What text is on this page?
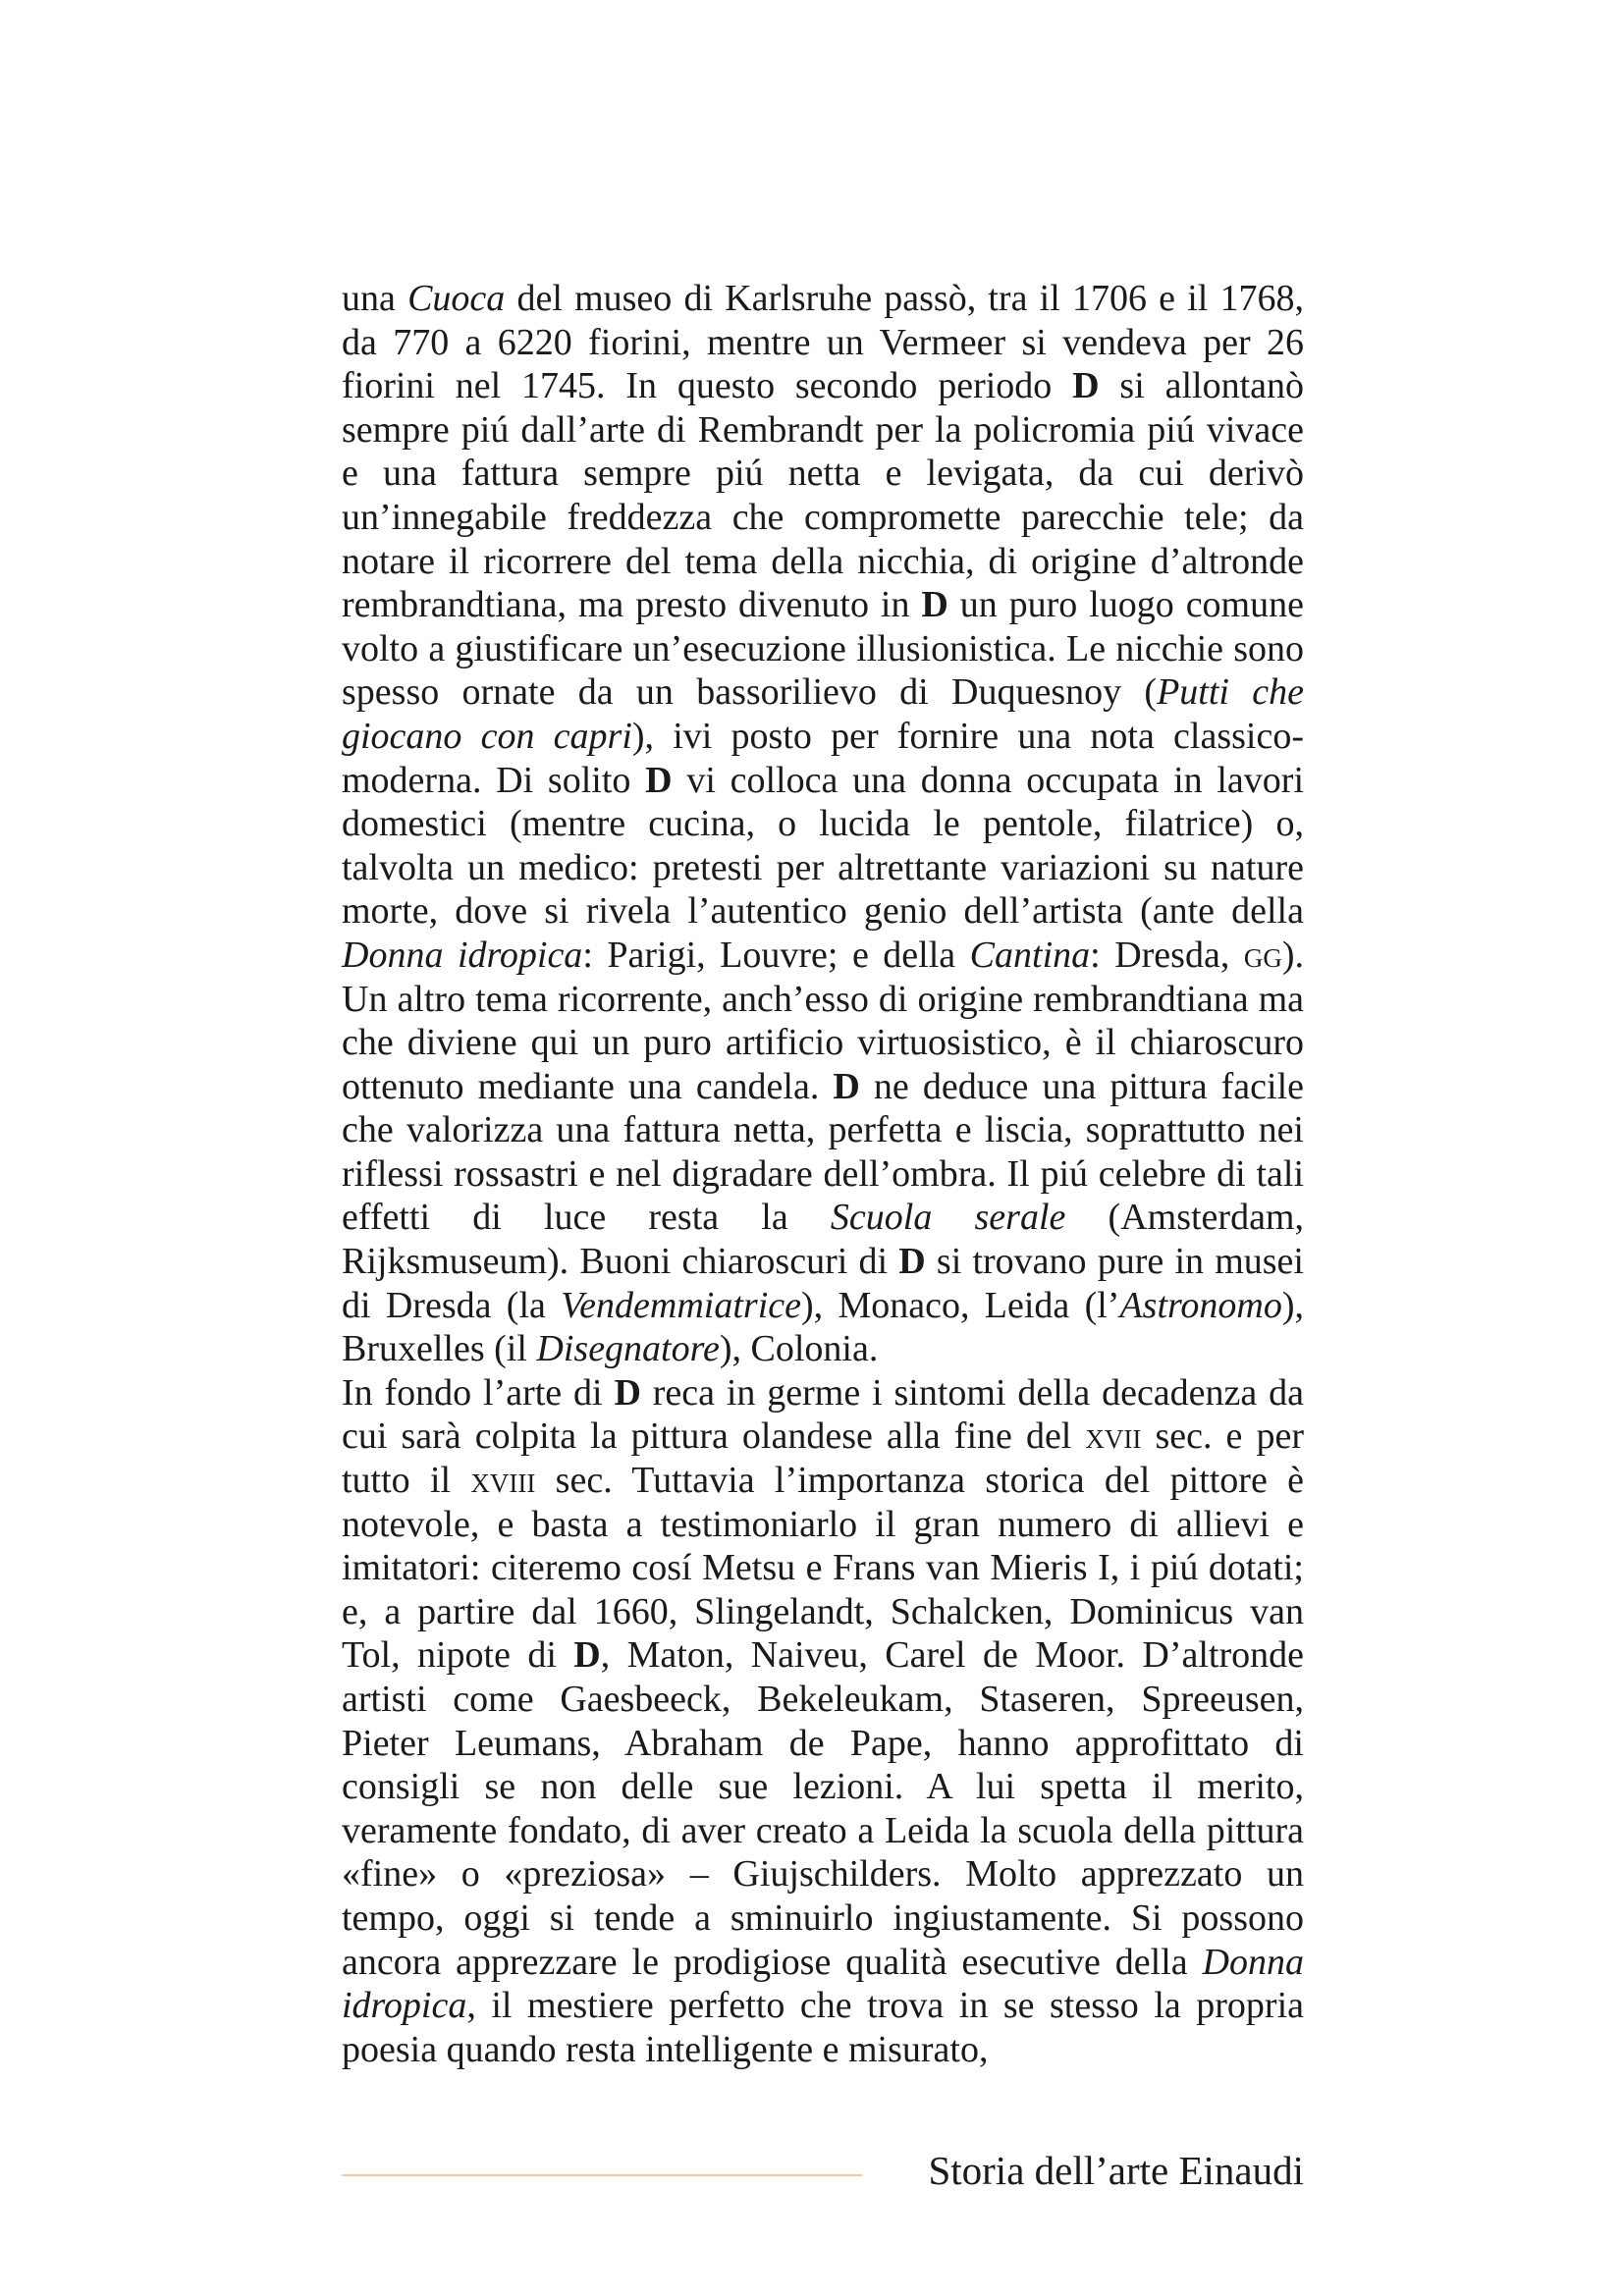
una Cuoca del museo di Karlsruhe passò, tra il 1706 e il 1768, da 770 a 6220 fiorini, mentre un Vermeer si vendeva per 26 fiorini nel 1745. In questo secondo periodo D si allontanò sempre piú dall’arte di Rembrandt per la policromia piú vivace e una fattura sempre piú netta e levigata, da cui derivò un’innegabile freddezza che compromette parecchie tele; da notare il ricorrere del tema della nicchia, di origine d’altronde rembrandtiana, ma presto divenuto in D un puro luogo comune volto a giustificare un’esecuzione illusionistica. Le nicchie sono spesso ornate da un bassorilievo di Duquesnoy (Putti che giocano con capri), ivi posto per fornire una nota classico-moderna. Di solito D vi colloca una donna occupata in lavori domestici (mentre cucina, o lucida le pentole, filatrice) o, talvolta un medico: pretesti per altrettante variazioni su nature morte, dove si rivela l’autentico genio dell’artista (ante della Donna idropica: Parigi, Louvre; e della Cantina: Dresda, gg). Un altro tema ricorrente, anch’esso di origine rembrandtiana ma che diviene qui un puro artificio virtuosistico, è il chiaroscuro ottenuto mediante una candela. D ne deduce una pittura facile che valorizza una fattura netta, perfetta e liscia, soprattutto nei riflessi rossastri e nel digradare dell’ombra. Il piú celebre di tali effetti di luce resta la Scuola serale (Amsterdam, Rijksmuseum). Buoni chiaroscuri di D si trovano pure in musei di Dresda (la Vendemmiatrice), Monaco, Leida (l’Astronomo), Bruxelles (il Disegnatore), Colonia.

In fondo l’arte di D reca in germe i sintomi della decadenza da cui sarà colpita la pittura olandese alla fine del xvii sec. e per tutto il xviii sec. Tuttavia l’importanza storica del pittore è notevole, e basta a testimoniarlo il gran numero di allievi e imitatori: citeremo cosí Metsu e Frans van Mieris I, i piú dotati; e, a partire dal 1660, Slingelandt, Schalcken, Dominicus van Tol, nipote di D, Maton, Naiveu, Carel de Moor. D’altronde artisti come Gaesbeeck, Bekeleukam, Staseren, Spreeusen, Pieter Leumans, Abraham de Pape, hanno approfittato di consigli se non delle sue lezioni. A lui spetta il merito, veramente fondato, di aver creato a Leida la scuola della pittura «fine» o «preziosa» – Giujschilders. Molto apprezzato un tempo, oggi si tende a sminuirlo ingiustamente. Si possono ancora apprezzare le prodigiose qualità esecutive della Donna idropica, il mestiere perfetto che trova in se stesso la propria poesia quando resta intelligente e misurato,

Storia dell’arte Einaudi
